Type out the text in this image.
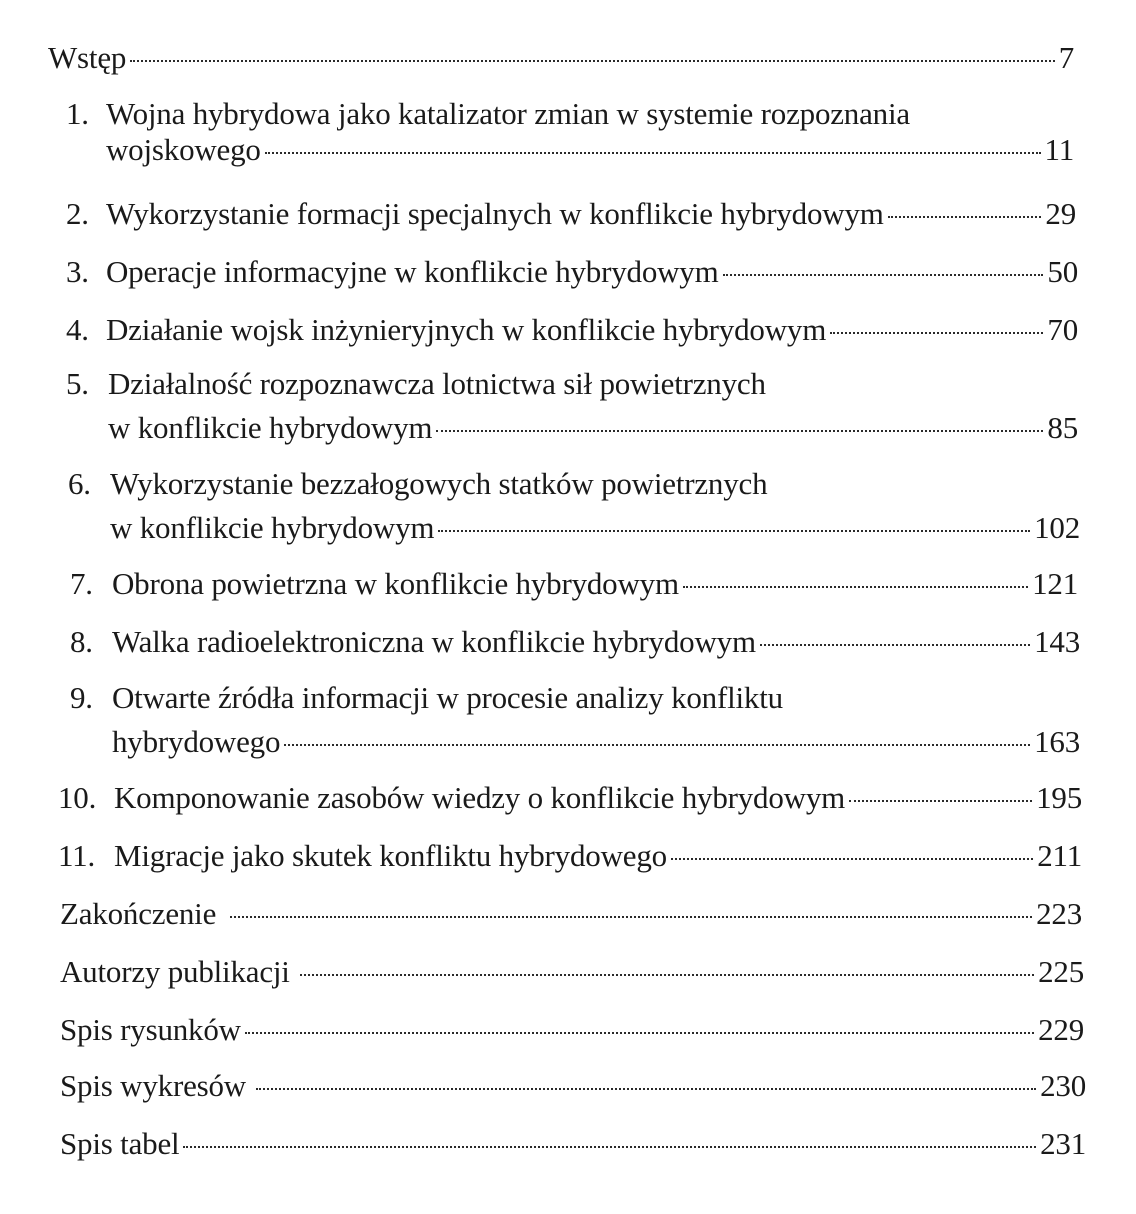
Wstęp	7
1. Wojna hybrydowa jako katalizator zmian w systemie rozpoznania
wojskowego	11
2. Wykorzystanie formacji specjalnych w konflikcie hybrydowym	29
3. Operacje informacyjne w konflikcie hybrydowym	50
4. Działanie wojsk inżynieryjnych w konflikcie hybrydowym	70
5. Działalność rozpoznawcza lotnictwa sił powietrznych
w konflikcie hybrydowym	85
6. Wykorzystanie bezzałogowych statków powietrznych
w konflikcie hybrydowym	102
7. Obrona powietrzna w konflikcie hybrydowym	121
8. Walka radioelektroniczna w konflikcie hybrydowym	143
9. Otwarte źródła informacji w procesie analizy konfliktu
hybrydowego	163
10. Komponowanie zasobów wiedzy o konflikcie hybrydowym	195
11. Migracje jako skutek konfliktu hybrydowego	211
Zakończenie	223
Autorzy publikacji	225
Spis rysunków	229
Spis wykresów	230
Spis tabel	231
